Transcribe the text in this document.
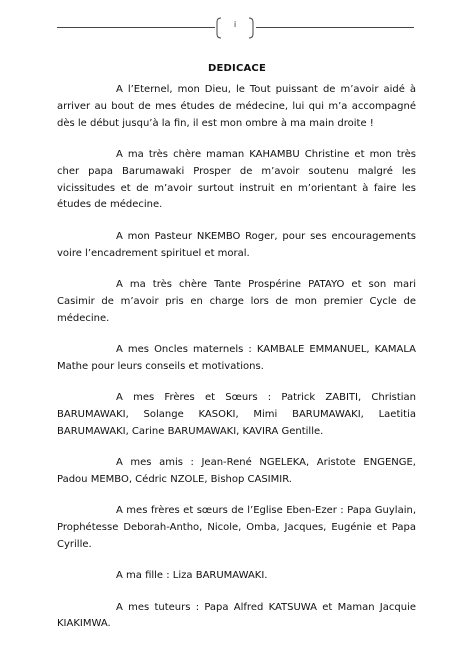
i
DEDICACE

A l’Eternel, mon Dieu, le Tout puissant de m’avoir aidé à arriver au bout de mes études de médecine, lui qui m’a accompagné dès le début jusqu’à la fin, il est mon ombre à ma main droite !

A ma très chère maman KAHAMBU Christine et mon très cher papa Barumawaki Prosper de m’avoir soutenu malgré les vicissitudes et de m’avoir surtout instruit en m’orientant à faire les études de médecine.

A mon Pasteur NKEMBO Roger, pour ses encouragements voire l’encadrement spirituel et moral.

A ma très chère Tante Prospérine PATAYO et son mari Casimir de m’avoir pris en charge lors de mon premier Cycle de médecine.

A mes Oncles maternels : KAMBALE EMMANUEL, KAMALA Mathe pour leurs conseils et motivations.

A mes Frères et Sœurs : Patrick ZABITI, Christian BARUMAWAKI, Solange KASOKI, Mimi BARUMAWAKI, Laetitia BARUMAWAKI, Carine BARUMAWAKI, KAVIRA Gentille.

A mes amis : Jean-René NGELEKA, Aristote ENGENGE, Padou MEMBO, Cédric NZOLE, Bishop CASIMIR.

A mes frères et sœurs de l’Eglise Eben-Ezer : Papa Guylain, Prophétesse Deborah-Antho, Nicole, Omba, Jacques, Eugénie et Papa Cyrille.

A ma fille : Liza BARUMAWAKI.

A mes tuteurs : Papa Alfred KATSUWA et Maman Jacquie KIAKIMWA.
